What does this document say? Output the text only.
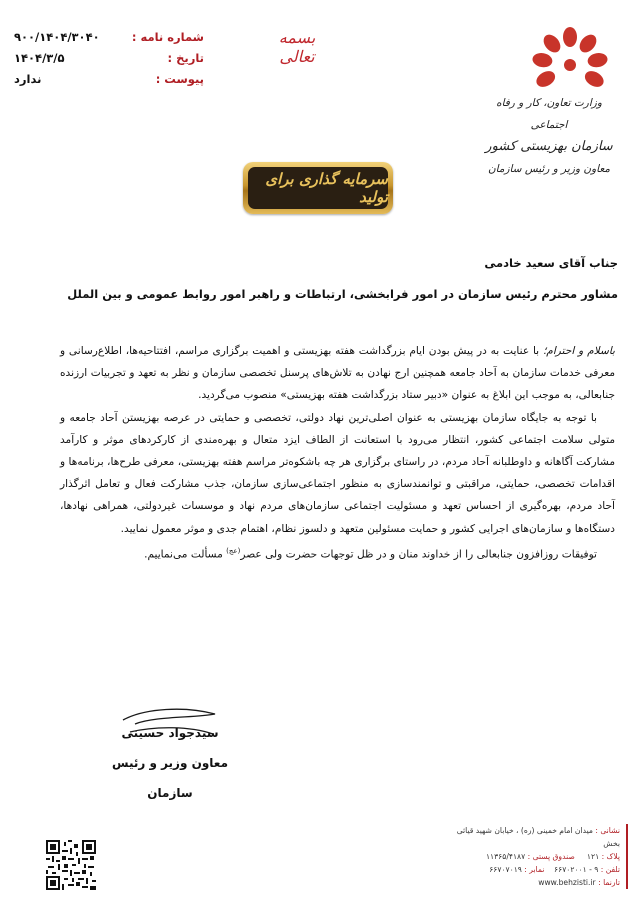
شماره نامه :
۹۰۰/۱۴۰۴/۳۰۴۰
تاریخ :
۱۴۰۴/۳/۵
پیوست :
ندارد
بسمه تعالی
وزارت تعاون، کار و رفاه اجتماعی
سازمان بهزیستی کشور
معاون وزیر و رئیس سازمان
سرمایه گذاری برای تولید
جناب آقای سعید خادمی
مشاور محترم رئیس سازمان در امور فرابخشی، ارتباطات و راهبر امور روابط عمومی و بین الملل

باسلام و احترام؛ با عنایت به در پیش بودن ایام بزرگداشت هفته بهزیستی و اهمیت برگزاری مراسم، افتتاحیه‌ها، اطلاع‌رسانی و معرفی خدمات سازمان به آحاد جامعه همچنین ارج نهادن به تلاش‌های پرسنل تخصصی سازمان و نظر به تعهد و تجربیات ارزنده جنابعالی، به موجب این ابلاغ به عنوان «دبیر ستاد بزرگداشت هفته بهزیستی» منصوب می‌گردید.

با توجه به جایگاه سازمان بهزیستی به عنوان اصلی‌ترین نهاد دولتی، تخصصی و حمایتی در عرصه بهزیستن آحاد جامعه و متولی سلامت اجتماعی کشور، انتظار می‌رود با استعانت از الطاف ایزد متعال و بهره‌مندی از کارکردهای موثر و کارآمد مشارکت آگاهانه و داوطلبانه آحاد مردم، در راستای برگزاری هر چه باشکوه‌تر مراسم هفته بهزیستی، معرفی طرح‌ها، برنامه‌ها و اقدامات تخصصی، حمایتی، مراقبتی و توانمندسازی به منظور اجتماعی‌سازی سازمان، جذب مشارکت فعال و تعامل اثرگذار آحاد مردم، بهره‌گیری از احساس تعهد و مسئولیت اجتماعی سازمان‌های مردم نهاد و موسسات غیردولتی، همراهی نهادها، دستگاه‌ها و سازمان‌های اجرایی کشور و حمایت مسئولین متعهد و دلسوز نظام، اهتمام جدی و موثر معمول نمایید.

توفیقات روزافزون جنابعالی را از خداوند منان و در ظل توجهات حضرت ولی عصر$^{(عج)}$ مسألت می‌نماییم.

سیدجواد حسینی
معاون وزیر و رئیس سازمان
نشانی : میدان امام خمینی (ره) ، خیابان شهید قیاثی بخش
پلاک : ۱۲۱     صندوق پستی : ۱۱۳۶۵/۴۱۸۷
تلفن : ۹ - ۶۶۷۰۲۰۰۱    نمابر : ۶۶۷۰۷۰۱۹
تارنما : www.behzisti.ir
